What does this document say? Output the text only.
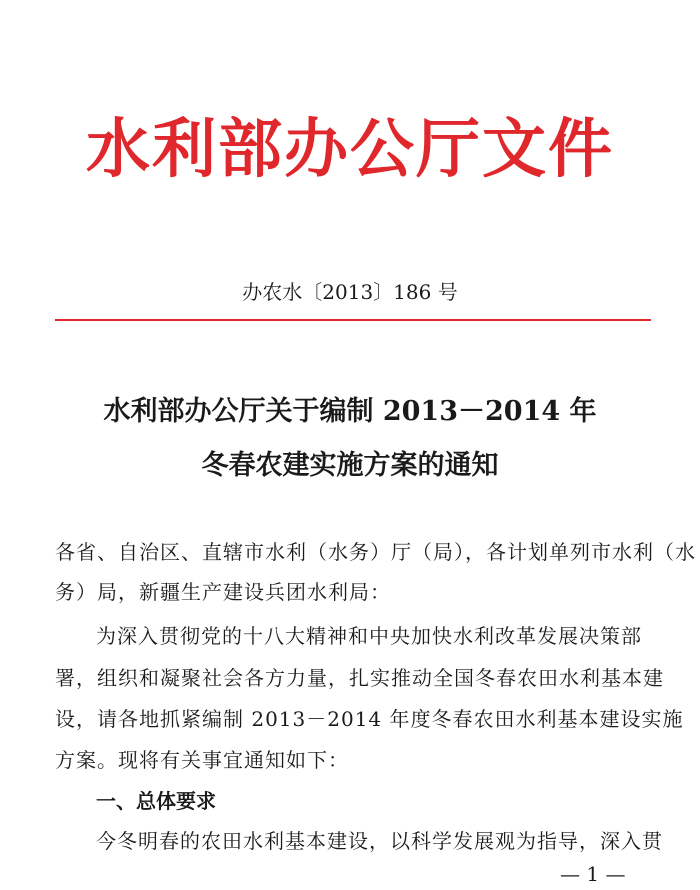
水利部办公厅文件
办农水〔2013〕186 号
水利部办公厅关于编制 2013－2014 年
冬春农建实施方案的通知
各省、自治区、直辖市水利（水务）厅（局），各计划单列市水利（水
务）局，新疆生产建设兵团水利局：
为深入贯彻党的十八大精神和中央加快水利改革发展决策部
署，组织和凝聚社会各方力量，扎实推动全国冬春农田水利基本建
设，请各地抓紧编制 2013－2014 年度冬春农田水利基本建设实施
方案。现将有关事宜通知如下：
一、总体要求
今冬明春的农田水利基本建设，以科学发展观为指导，深入贯
— 1 —
